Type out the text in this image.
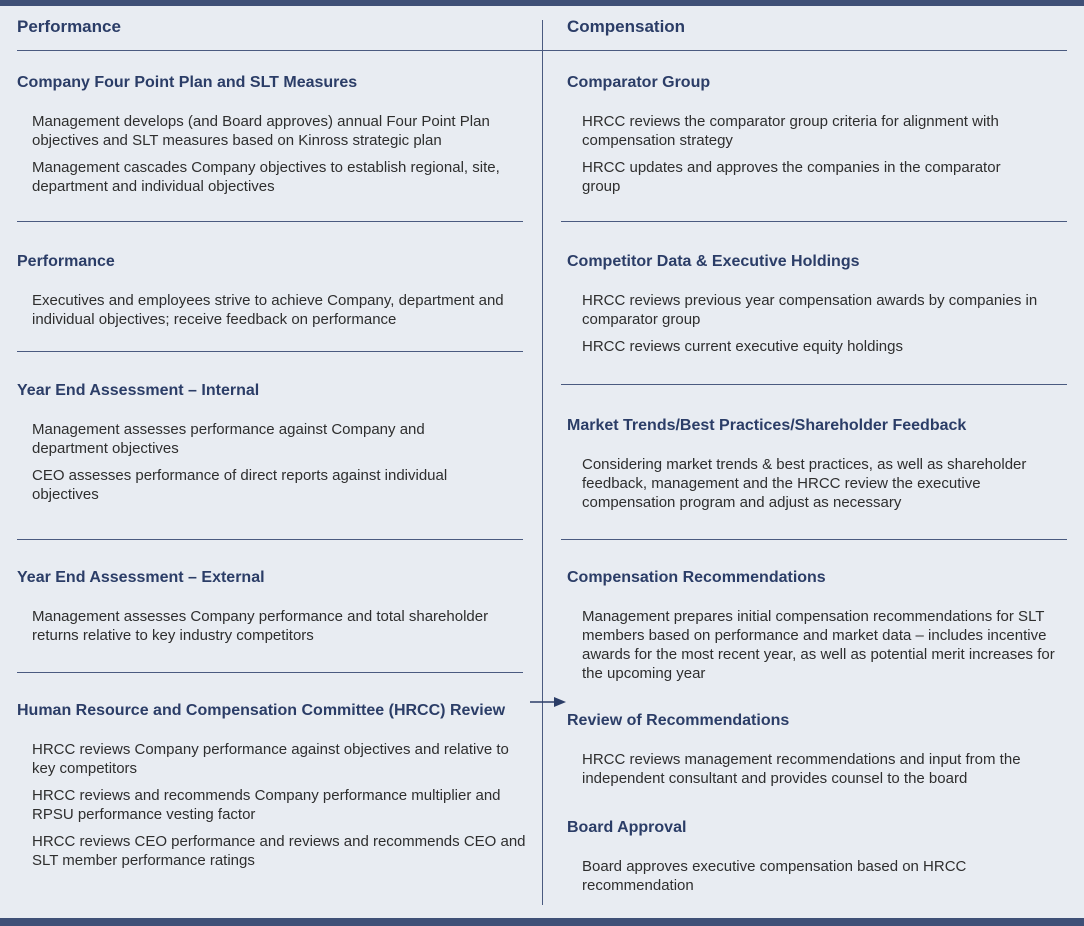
Performance	Compensation
Company Four Point Plan and SLT Measures
Management develops (and Board approves) annual Four Point Plan objectives and SLT measures based on Kinross strategic plan
Management cascades Company objectives to establish regional, site, department and individual objectives
Performance
Executives and employees strive to achieve Company, department and individual objectives; receive feedback on performance
Year End Assessment – Internal
Management assesses performance against Company and department objectives
CEO assesses performance of direct reports against individual objectives
Year End Assessment – External
Management assesses Company performance and total shareholder returns relative to key industry competitors
Human Resource and Compensation Committee (HRCC) Review
HRCC reviews Company performance against objectives and relative to key competitors
HRCC reviews and recommends Company performance multiplier and RPSU performance vesting factor
HRCC reviews CEO performance and reviews and recommends CEO and SLT member performance ratings
Comparator Group
HRCC reviews the comparator group criteria for alignment with compensation strategy
HRCC updates and approves the companies in the comparator group
Competitor Data & Executive Holdings
HRCC reviews previous year compensation awards by companies in comparator group
HRCC reviews current executive equity holdings
Market Trends/Best Practices/Shareholder Feedback
Considering market trends & best practices, as well as shareholder feedback, management and the HRCC review the executive compensation program and adjust as necessary
Compensation Recommendations
Management prepares initial compensation recommendations for SLT members based on performance and market data – includes incentive awards for the most recent year, as well as potential merit increases for the upcoming year
Review of Recommendations
HRCC reviews management recommendations and input from the independent consultant and provides counsel to the board
Board Approval
Board approves executive compensation based on HRCC recommendation
